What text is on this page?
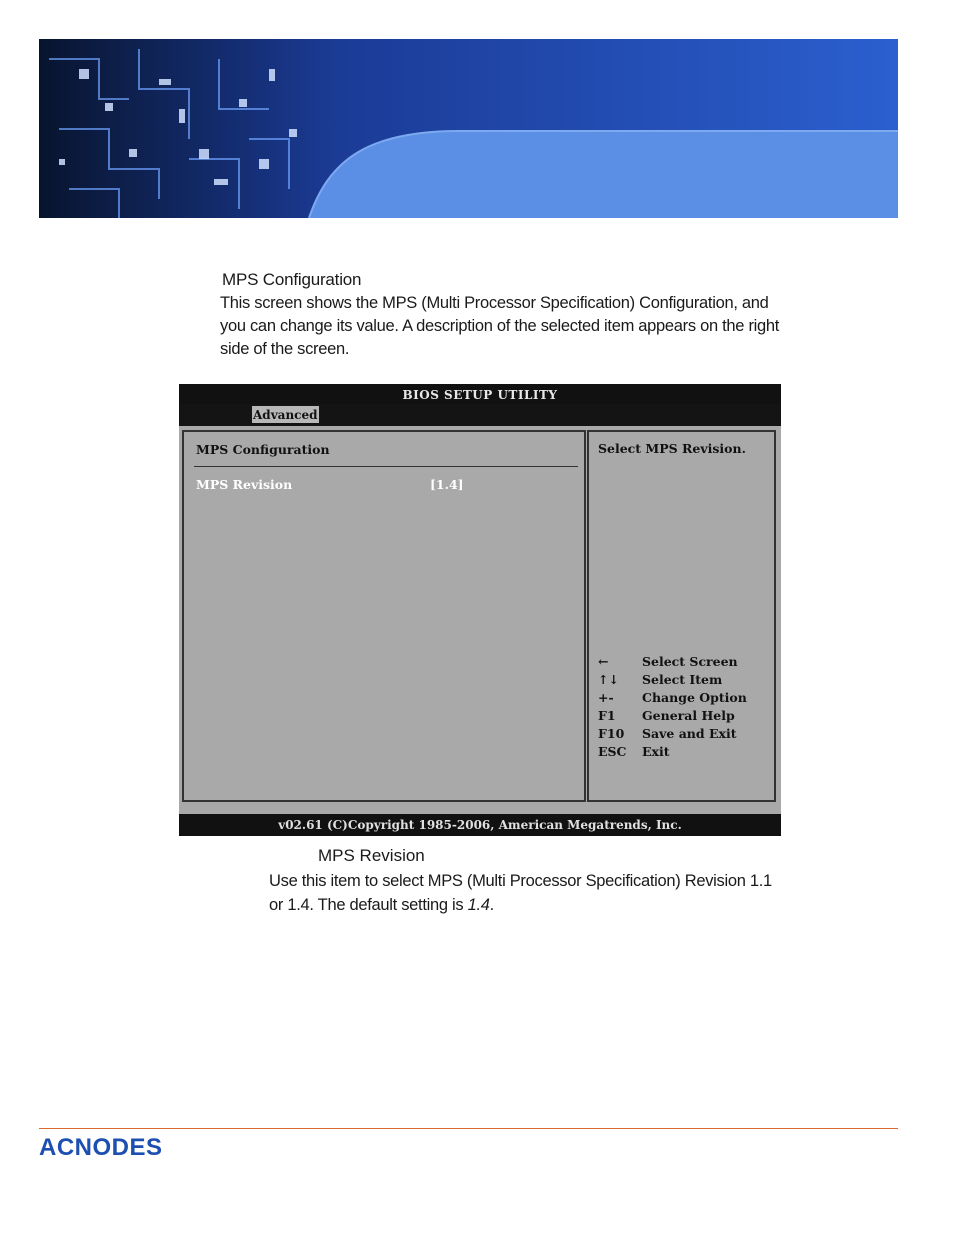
MPS Configuration
This screen shows the MPS (Multi Processor Specification) Configuration, and you can change its value. A description of the selected item appears on the right side of the screen.
BIOS SETUP UTILITY
Advanced
MPS Configuration
MPS Revision	[1.4]
Select MPS Revision.
←	Select Screen
↑↓	Select Item
+-	Change Option
F1	General Help
F10	Save and Exit
ESC	Exit
v02.61 (C)Copyright 1985-2006, American Megatrends, Inc.
MPS Revision
Use this item to select MPS (Multi Processor Specification) Revision 1.1 or 1.4. The default setting is 1.4.
ACNODES
